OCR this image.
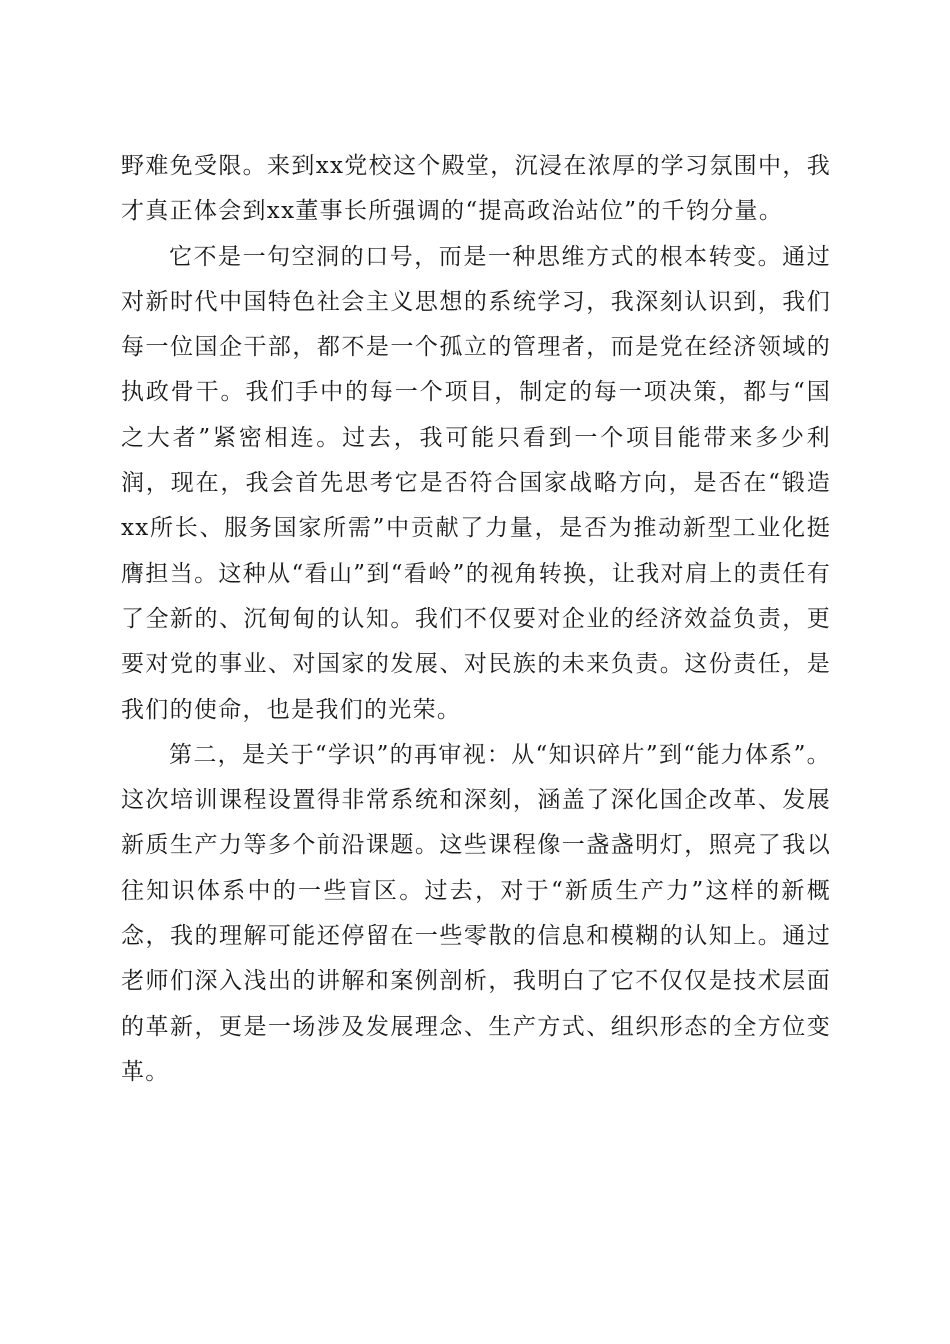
野难免受限。来到xx党校这个殿堂，沉浸在浓厚的学习氛围中，我才真正体会到xx董事长所强调的“提高政治站位”的千钧分量。

它不是一句空洞的口号，而是一种思维方式的根本转变。通过对新时代中国特色社会主义思想的系统学习，我深刻认识到，我们每一位国企干部，都不是一个孤立的管理者，而是党在经济领域的执政骨干。我们手中的每一个项目，制定的每一项决策，都与“国之大者”紧密相连。过去，我可能只看到一个项目能带来多少利润，现在，我会首先思考它是否符合国家战略方向，是否在“锻造xx所长、服务国家所需”中贡献了力量，是否为推动新型工业化挺膺担当。这种从“看山”到“看岭”的视角转换，让我对肩上的责任有了全新的、沉甸甸的认知。我们不仅要对企业的经济效益负责，更要对党的事业、对国家的发展、对民族的未来负责。这份责任，是我们的使命，也是我们的光荣。

第二，是关于“学识”的再审视：从“知识碎片”到“能力体系”。这次培训课程设置得非常系统和深刻，涵盖了深化国企改革、发展新质生产力等多个前沿课题。这些课程像一盏盏明灯，照亮了我以往知识体系中的一些盲区。过去，对于“新质生产力”这样的新概念，我的理解可能还停留在一些零散的信息和模糊的认知上。通过老师们深入浅出的讲解和案例剖析，我明白了它不仅仅是技术层面的革新，更是一场涉及发展理念、生产方式、组织形态的全方位变革。
